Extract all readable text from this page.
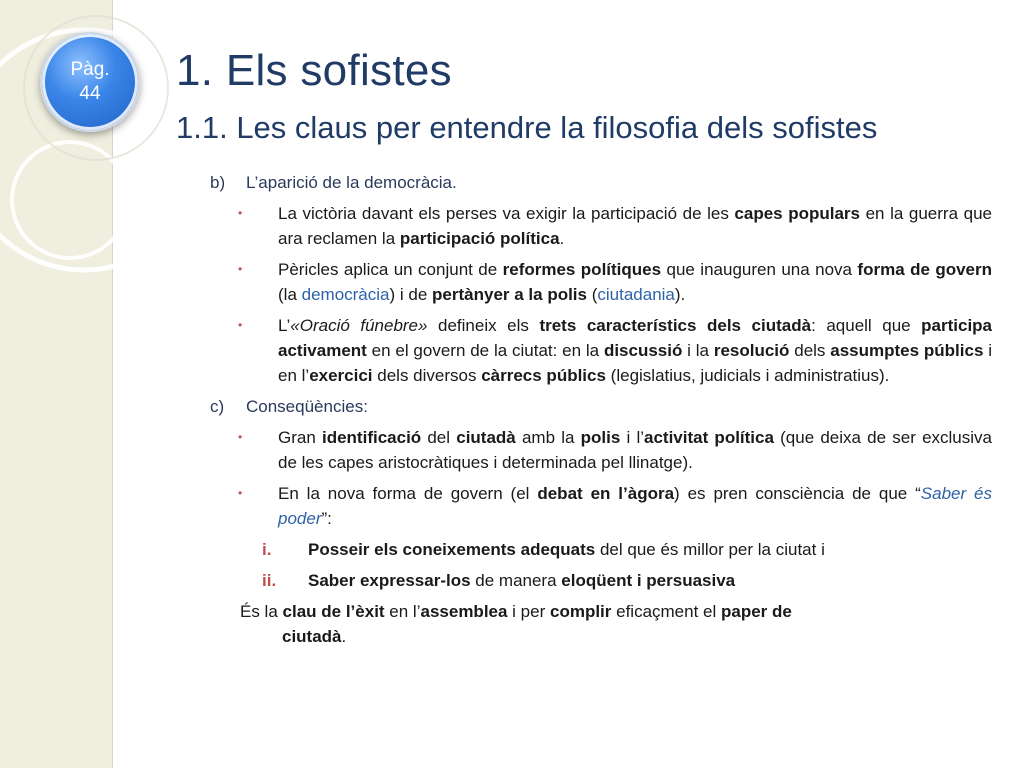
Pàg.
44	1. Els sofistes
1.1. Les claus per entendre la filosofia dels sofistes
b) L’aparició de la democràcia.
• La victòria davant els perses va exigir la participació de les capes populars en la guerra que ara reclamen la participació política.
• Pèricles aplica un conjunt de reformes polítiques que inauguren una nova forma de govern (la democràcia) i de pertànyer a la polis (ciutadania).
• L’«Oració fúnebre» defineix els trets característics dels ciutadà: aquell que participa activament en el govern de la ciutat: en la discussió i la resolució dels assumptes públics i en l’exercici dels diversos càrrecs públics (legislatius, judicials i administratius).
c) Conseqüències:
• Gran identificació del ciutadà amb la polis i l’activitat política (que deixa de ser exclusiva de les capes aristocràtiques i determinada pel llinatge).
• En la nova forma de govern (el debat en l’àgora) es pren consciència de que “Saber és poder”:
i. Posseir els coneixements adequats del que és millor per la ciutat i
ii. Saber expressar-los de manera eloqüent i persuasiva
És la clau de l’èxit en l’assemblea i per complir eficaçment el paper de
ciutadà.
